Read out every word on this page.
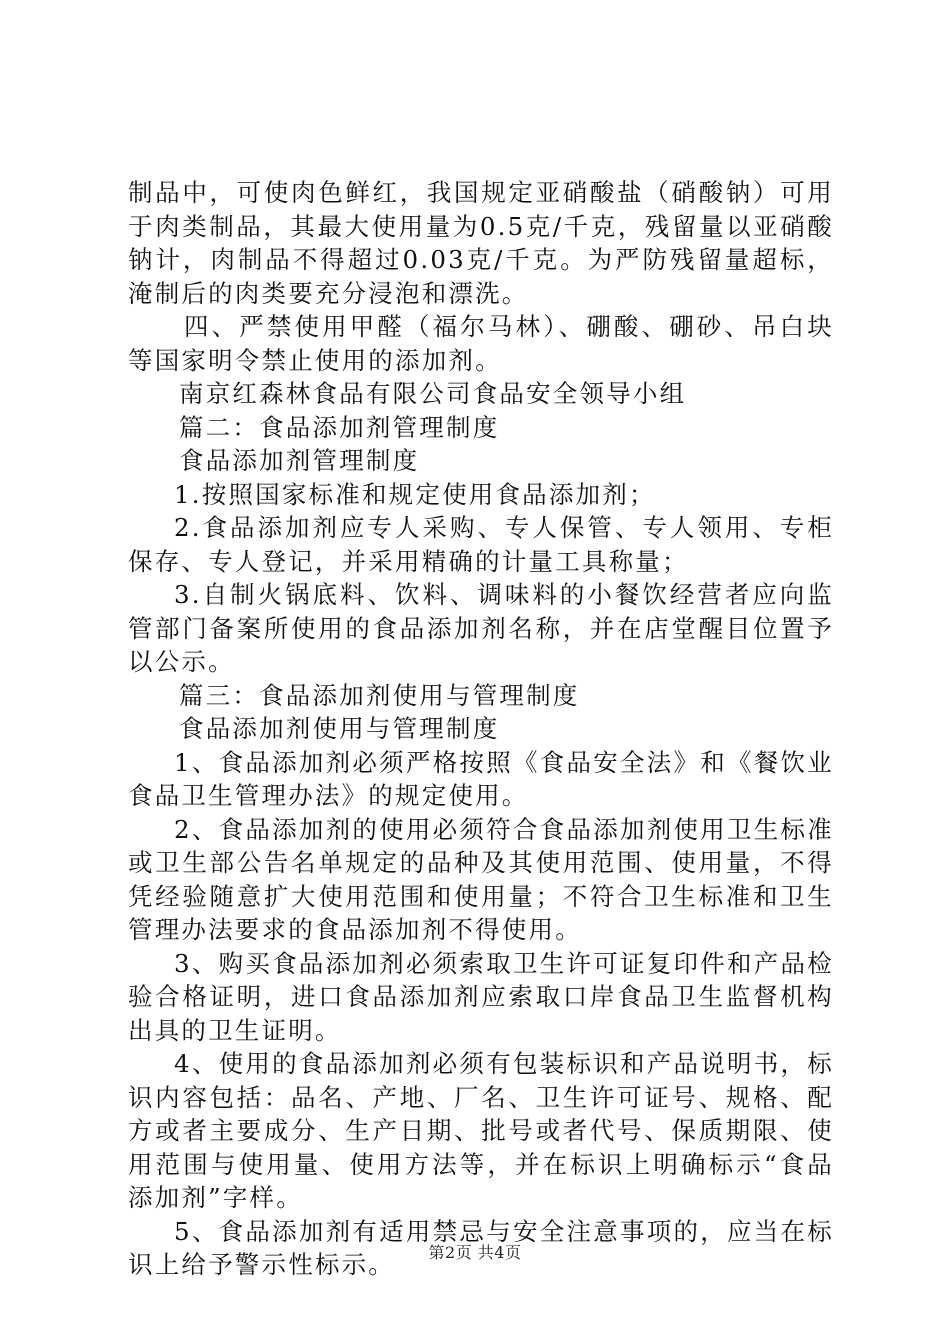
制品中，可使肉色鲜红，我国规定亚硝酸盐（硝酸钠）可用于肉类制品，其最大使用量为0.5克/千克，残留量以亚硝酸钠计，肉制品不得超过0.03克/千克。为严防残留量超标，淹制后的肉类要充分浸泡和漂洗。

四、严禁使用甲醛（福尔马林）、硼酸、硼砂、吊白块等国家明令禁止使用的添加剂。

南京红森林食品有限公司食品安全领导小组

篇二：食品添加剂管理制度

食品添加剂管理制度

1.按照国家标准和规定使用食品添加剂；

2.食品添加剂应专人采购、专人保管、专人领用、专柜保存、专人登记，并采用精确的计量工具称量；

3.自制火锅底料、饮料、调味料的小餐饮经营者应向监管部门备案所使用的食品添加剂名称，并在店堂醒目位置予以公示。

篇三：食品添加剂使用与管理制度

食品添加剂使用与管理制度

1、食品添加剂必须严格按照《食品安全法》和《餐饮业食品卫生管理办法》的规定使用。

2、食品添加剂的使用必须符合食品添加剂使用卫生标准或卫生部公告名单规定的品种及其使用范围、使用量，不得凭经验随意扩大使用范围和使用量；不符合卫生标准和卫生管理办法要求的食品添加剂不得使用。

3、购买食品添加剂必须索取卫生许可证复印件和产品检验合格证明，进口食品添加剂应索取口岸食品卫生监督机构出具的卫生证明。

4、使用的食品添加剂必须有包装标识和产品说明书，标识内容包括：品名、产地、厂名、卫生许可证号、规格、配方或者主要成分、生产日期、批号或者代号、保质期限、使用范围与使用量、使用方法等，并在标识上明确标示“食品添加剂”字样。

5、食品添加剂有适用禁忌与安全注意事项的，应当在标识上给予警示性标示。	第2页 共4页
